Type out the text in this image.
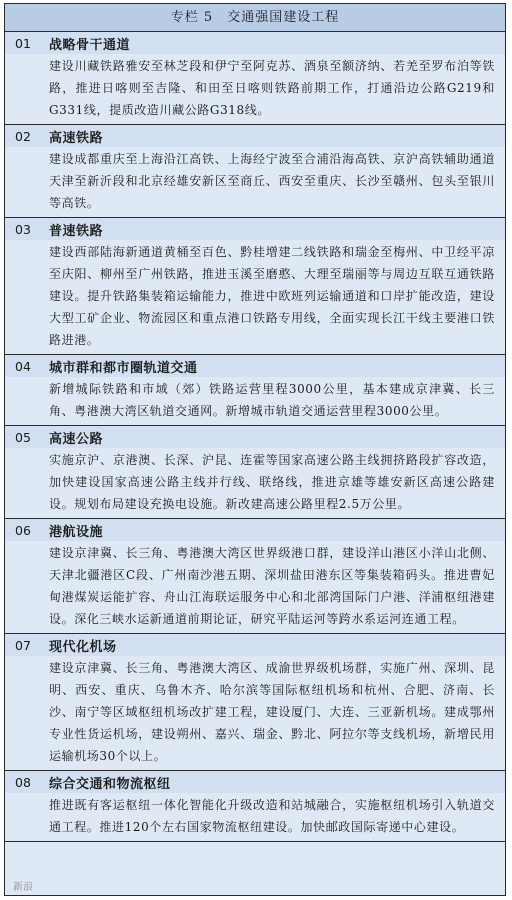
专栏 5　交通强国建设工程
01	战略骨干通道
建设川藏铁路雅安至林芝段和伊宁至阿克苏、酒泉至额济纳、若羌至罗布泊等铁路，推进日喀则至吉隆、和田至日喀则铁路前期工作，打通沿边公路G219和G331线，提质改造川藏公路G318线。
02	高速铁路
建设成都重庆至上海沿江高铁、上海经宁波至合浦沿海高铁、京沪高铁辅助通道天津至新沂段和北京经雄安新区至商丘、西安至重庆、长沙至赣州、包头至银川等高铁。
03	普速铁路
建设西部陆海新通道黄桶至百色、黔桂增建二线铁路和瑞金至梅州、中卫经平凉至庆阳、柳州至广州铁路，推进玉溪至磨憨、大理至瑞丽等与周边互联互通铁路建设。提升铁路集装箱运输能力，推进中欧班列运输通道和口岸扩能改造，建设大型工矿企业、物流园区和重点港口铁路专用线，全面实现长江干线主要港口铁路进港。
04	城市群和都市圈轨道交通
新增城际铁路和市域（郊）铁路运营里程3000公里，基本建成京津冀、长三角、粤港澳大湾区轨道交通网。新增城市轨道交通运营里程3000公里。
05	高速公路
实施京沪、京港澳、长深、沪昆、连霍等国家高速公路主线拥挤路段扩容改造，加快建设国家高速公路主线并行线、联络线，推进京雄等雄安新区高速公路建设。规划布局建设充换电设施。新改建高速公路里程2.5万公里。
06	港航设施
建设京津冀、长三角、粤港澳大湾区世界级港口群，建设洋山港区小洋山北侧、天津北疆港区C段、广州南沙港五期、深圳盐田港东区等集装箱码头。推进曹妃甸港煤炭运能扩容、舟山江海联运服务中心和北部湾国际门户港、洋浦枢纽港建设。深化三峡水运新通道前期论证，研究平陆运河等跨水系运河连通工程。
07	现代化机场
建设京津冀、长三角、粤港澳大湾区、成渝世界级机场群，实施广州、深圳、昆明、西安、重庆、乌鲁木齐、哈尔滨等国际枢纽机场和杭州、合肥、济南、长沙、南宁等区域枢纽机场改扩建工程，建设厦门、大连、三亚新机场。建成鄂州专业性货运机场，建设朔州、嘉兴、瑞金、黔北、阿拉尔等支线机场，新增民用运输机场30个以上。
08	综合交通和物流枢纽
推进既有客运枢纽一体化智能化升级改造和站城融合，实施枢纽机场引入轨道交通工程。推进120个左右国家物流枢纽建设。加快邮政国际寄递中心建设。
新浪
